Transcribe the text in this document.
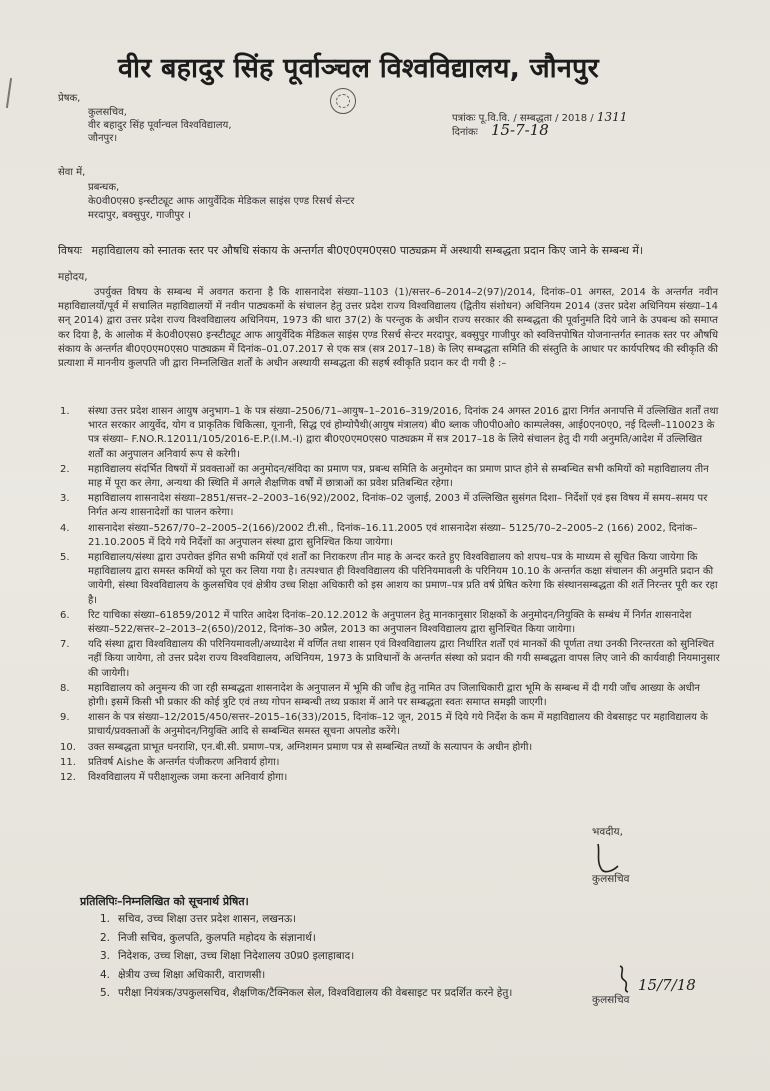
वीर बहादुर सिंह पूर्वाञ्चल विश्वविद्यालय, जौनपुर
प्रेषक,
कुलसचिव,
वीर बहादुर सिंह पूर्वान्चल विश्वविद्यालय,
जौनपुर।
पत्रांकः पू.वि.वि. / सम्बद्धता / 2018 / 1311
दिनांकः 15-7-18
सेवा में,
प्रबन्धक,
के0वी0एस0 इन्स्टीट्यूट आफ आयुर्वेदिक मेडिकल साइंस एण्ड रिसर्च सेन्टर
मरदापुर, बक्सुपुर, गाजीपुर ।
विषयः महाविद्यालय को स्नातक स्तर पर औषधि संकाय के अन्तर्गत बी0ए0एम0एस0 पाठ्यक्रम में अस्थायी सम्बद्धता प्रदान किए जाने के सम्बन्ध में।
महोदय,
उपर्युक्त विषय के सम्बन्ध में अवगत कराना है कि शासनादेश संख्या–1103 (1)/सत्तर–6–2014–2(97)/2014, दिनांक–01 अगस्त, 2014 के अन्तर्गत नवीन महाविद्यालयों/पूर्व में सचालित महाविद्यालयों में नवीन पाठ्यकमों के संचालन हेतु उत्तर प्रदेश राज्य विश्वविद्यालय (द्वितीय संशोधन) अधिनियम 2014 (उत्तर प्रदेश अधिनियम संख्या–14 सन् 2014) द्वारा उत्तर प्रदेश राज्य विश्वविद्यालय अधिनियम, 1973 की धारा 37(2) के परन्तुक के अधीन राज्य सरकार की सम्बद्धता की पूर्वानुमति दिये जाने के उपबन्ध को समाप्त कर दिया है, के आलोक में के0वी0एस0 इन्स्टीट्यूट आफ आयुर्वेदिक मेडिकल साइंस एण्ड रिसर्च सेन्टर मरदापुर, बक्सुपुर गाजीपुर को स्ववित्तपोषित योजनान्तर्गत स्नातक स्तर पर औषधि संकाय के अन्तर्गत बी0ए0एम0एस0 पाठ्यक्रम में दिनांक–01.07.2017 से एक सत्र (सत्र 2017–18) के लिए सम्बद्धता समिति की संस्तुति के आधार पर कार्यपरिषद की स्वीकृति की प्रत्याशा में माननीय कुलपति जी द्वारा निम्नलिखित शर्तों के अधीन अस्थायी सम्बद्धता की सहर्ष स्वीकृति प्रदान कर दी गयी है :–
1. संस्था उत्तर प्रदेश शासन आयुष अनुभाग–1 के पत्र संख्या–2506/71–आयुष–1–2016–319/2016, दिनांक 24 अगस्त 2016 द्वारा निर्गत अनापत्ति में उल्लिखित शर्तों तथा भारत सरकार आयुर्वेद, योग व प्राकृतिक चिकित्सा, यूनानी, सिद्ध एवं होम्योपैथी(आयुष मंत्रालय) बी0 ब्लाक जी0पी0ओ0 काम्पलेक्स, आई0एन0ए0, नई दिल्ली–110023 के पत्र संख्या– F.NO.R.12011/105/2016-E.P.(I.M.-I) द्वारा बी0ए0एम0एस0 पाठ्यक्रम में सत्र 2017–18 के लिये संचालन हेतु दी गयी अनुमति/आदेश में उल्लिखित शर्तों का अनुपालन अनिवार्य रूप से करेगी।
2. महाविद्यालय संदर्भित विषयों में प्रवक्ताओं का अनुमोदन/संविदा का प्रमाण पत्र, प्रबन्ध समिति के अनुमोदन का प्रमाण प्राप्त होने से सम्बन्धित सभी कमियों को महाविद्यालय तीन माह में पूरा कर लेगा, अन्यथा की स्थिति में अगले शैक्षणिक वर्षों में छात्राओं का प्रवेश प्रतिबन्धित रहेगा।
3. महाविद्यालय शासनादेश संख्या–2851/सत्तर–2–2003–16(92)/2002, दिनांक–02 जुलाई, 2003 में उल्लिखित सुसंगत दिशा– निर्देशों एवं इस विषय में समय–समय पर निर्गत अन्य शासनादेशों का पालन करेगा।
4. शासनादेश संख्या–5267/70–2–2005–2(166)/2002 टी.सी., दिनांक–16.11.2005 एवं शासनादेश संख्या– 5125/70–2–2005–2 (166) 2002, दिनांक–21.10.2005 में दिये गये निर्देशों का अनुपालन संस्था द्वारा सुनिश्चित किया जायेगा।
5. महाविद्यालय/संस्था द्वारा उपरोक्त इंगित सभी कमियों एवं शर्तों का निराकरण तीन माह के अन्दर करते हुए विश्वविद्यालय को शपथ–पत्र के माध्यम से सूचित किया जायेगा कि महाविद्यालय द्वारा समस्त कमियों को पूरा कर लिया गया है। तत्पश्चात ही विश्वविद्यालय की परिनियमावली के परिनियम 10.10 के अन्तर्गत कक्षा संचालन की अनुमति प्रदान की जायेगी, संस्था विश्वविद्यालय के कुलसचिव एवं क्षेत्रीय उच्च शिक्षा अधिकारी को इस आशय का प्रमाण–पत्र प्रति वर्ष प्रेषित करेगा कि संस्थानसम्बद्धता की शर्ते निरन्तर पूरी कर रहा है।
6. रिट याचिका संख्या–61859/2012 में पारित आदेश दिनांक–20.12.2012 के अनुपालन हेतु मानकानुसार शिक्षकों के अनुमोदन/नियुक्ति के सम्बंध में निर्गत शासनादेश संख्या–522/सत्तर–2–2013–2(650)/2012, दिनांक–30 अप्रैल, 2013 का अनुपालन विश्वविद्यालय द्वारा सुनिश्चित किया जायेगा।
7. यदि संस्था द्वारा विश्वविद्यालय की परिनियमावली/अध्यादेश में वर्णित तथा शासन एवं विश्वविद्यालय द्वारा निर्धारित शर्तों एवं मानकों की पूर्णता तथा उनकी निरन्तरता को सुनिश्चित नहीं किया जायेगा, तो उत्तर प्रदेश राज्य विश्वविद्यालय, अधिनियम, 1973 के प्राविधानों के अन्तर्गत संस्था को प्रदान की गयी सम्बद्धता वापस लिए जाने की कार्यवाही नियमानुसार की जायेगी।
8. महाविद्यालय को अनुमन्य की जा रही सम्बद्धता शासनादेश के अनुपालन में भूमि की जाँच हेतु नामित उप जिलाधिकारी द्वारा भूमि के सम्बन्ध में दी गयी जाँच आख्या के अधीन होगी। इसमें किसी भी प्रकार की कोई त्रुटि एवं तथ्य गोपन सम्बन्धी तथ्य प्रकाश में आने पर सम्बद्धता स्वतः समाप्त समझी जाएगी।
9. शासन के पत्र संख्या–12/2015/450/सत्तर–2015–16(33)/2015, दिनांक–12 जून, 2015 में दिये गये निर्देश के कम में महाविद्यालय की वेबसाइट पर महाविद्यालय के प्राचार्य/प्रवक्ताओं के अनुमोदन/नियुक्ति आदि से सम्बन्धित समस्त सूचना अपलोड करेंगे।
10. उक्त सम्बद्धता प्राभूत धनराशि, एन.बी.सी. प्रमाण–पत्र, अग्निशमन प्रमाण पत्र से सम्बन्धित तथ्यों के सत्यापन के अधीन होगी।
11. प्रतिवर्ष Aishe के अन्तर्गत पंजीकरण अनिवार्य होगा।
12. विश्वविद्यालय में परीक्षाशुल्क जमा करना अनिवार्य होगा।
भवदीय,
कुलसचिव
प्रतिलिपिः–निम्नलिखित को सूचनार्थ प्रेषित।
1. सचिव, उच्च शिक्षा उत्तर प्रदेश शासन, लखनऊ।
2. निजी सचिव, कुलपति, कुलपति महोदय के संज्ञानार्थ।
3. निदेशक, उच्च शिक्षा, उच्च शिक्षा निदेशालय उ0प्र0 इलाहाबाद।
4. क्षेत्रीय उच्च शिक्षा अधिकारी, वाराणसी।
5. परीक्षा नियंत्रक/उपकुलसचिव, शैक्षणिक/टैक्निकल सेल, विश्वविद्यालय की वेबसाइट पर प्रदर्शित करने हेतु।	15/7/18
कुलसचिव
